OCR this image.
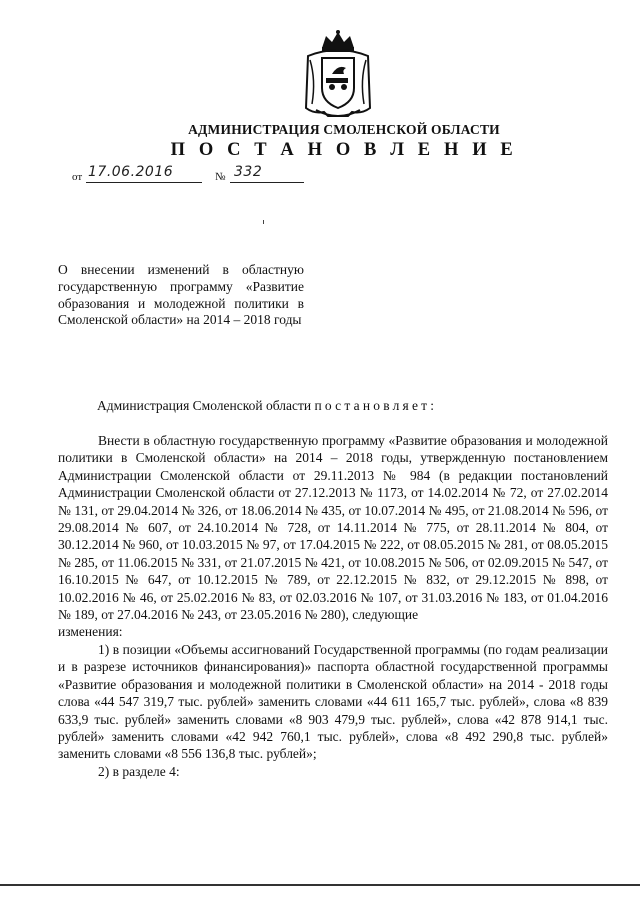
АДМИНИСТРАЦИЯ СМОЛЕНСКОЙ ОБЛАСТИ
П О С Т А Н О В Л Е Н И Е
от 17.06.2016	№ 332
О внесении изменений в областную государственную программу «Развитие образования и молодежной политики в Смоленской области» на 2014 – 2018 годы
Администрация Смоленской области постановляет:

Внести в областную государственную программу «Развитие образования и молодежной политики в Смоленской области» на 2014 – 2018 годы, утвержденную постановлением Администрации Смоленской области от 29.11.2013 № 984 (в редакции постановлений Администрации Смоленской области от 27.12.2013 № 1173, от 14.02.2014 № 72, от 27.02.2014 № 131, от 29.04.2014 № 326, от 18.06.2014 № 435, от 10.07.2014 № 495, от 21.08.2014 № 596, от 29.08.2014 № 607, от 24.10.2014 № 728, от 14.11.2014 № 775, от 28.11.2014 № 804, от 30.12.2014 № 960, от 10.03.2015 № 97, от 17.04.2015 № 222, от 08.05.2015 № 281, от 08.05.2015 № 285, от 11.06.2015 № 331, от 21.07.2015 № 421, от 10.08.2015 № 506, от 02.09.2015 № 547, от 16.10.2015 № 647, от 10.12.2015 № 789, от 22.12.2015 № 832, от 29.12.2015 № 898, от 10.02.2016 № 46, от 25.02.2016 № 83, от 02.03.2016 № 107, от 31.03.2016 № 183, от 01.04.2016 № 189, от 27.04.2016 № 243, от 23.05.2016 № 280), следующие

изменения:

1) в позиции «Объемы ассигнований Государственной программы (по годам реализации и в разрезе источников финансирования)» паспорта областной государственной программы «Развитие образования и молодежной политики в Смоленской области» на 2014 - 2018 годы слова «44 547 319,7 тыс. рублей» заменить словами «44 611 165,7 тыс. рублей», слова «8 839 633,9 тыс. рублей» заменить словами «8 903 479,9 тыс. рублей», слова «42 878 914,1 тыс. рублей» заменить словами «42 942 760,1 тыс. рублей», слова «8 492 290,8 тыс. рублей» заменить словами «8 556 136,8 тыс. рублей»;

2) в разделе 4:
